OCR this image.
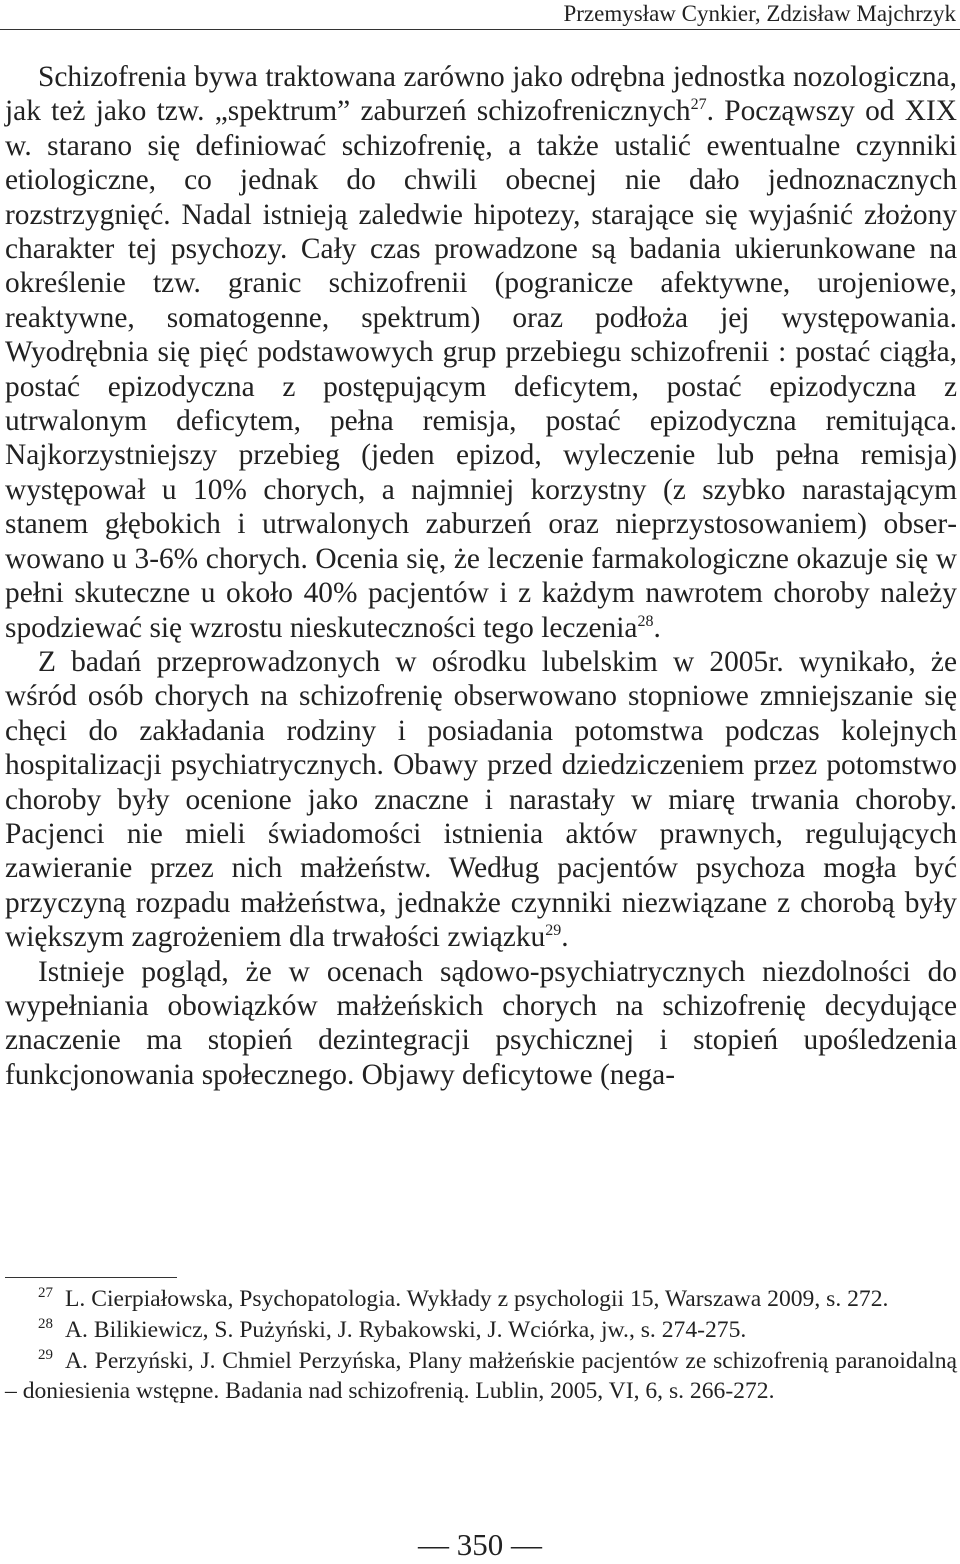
Przemysław Cynkier, Zdzisław Majchrzyk

Schizofrenia bywa traktowana zarówno jako odrębna jednostka nozologiczna, jak też jako tzw. „spektrum” zaburzeń schizofrenicznych$^{27}$. Począwszy od XIX w. starano się definiować schizofrenię, a także ustalić ewentualne czynniki etiologiczne, co jednak do chwili obecnej nie dało jednoznacznych rozstrzygnięć. Nadal istnieją zaledwie hipotezy, starające się wyjaśnić złożony charakter tej psychozy. Cały czas prowadzone są badania ukierunkowane na określenie tzw. granic schizofrenii (pogranicze afektywne, urojeniowe, reaktywne, somatogenne, spektrum) oraz podłoża jej występowania. Wyodrębnia się pięć podstawowych grup przebiegu schizofrenii : postać ciągła, postać epizodyczna z postępującym deficytem, postać epizodyczna z utrwalonym deficytem, pełna remisja, postać epizodyczna remitująca. Najkorzystniejszy przebieg (jeden epizod, wyleczenie lub pełna remisja) występował u 10% chorych, a najmniej korzystny (z szybko narastającym stanem głębokich i utrwalonych zaburzeń oraz nieprzystosowaniem) obserwowano u 3-6% chorych. Ocenia się, że leczenie farmakologiczne okazuje się w pełni skuteczne u około 40% pacjentów i z każdym nawrotem choroby należy spodziewać się wzrostu nieskuteczności tego leczenia$^{28}$.

Z badań przeprowadzonych w ośrodku lubelskim w 2005r. wynikało, że wśród osób chorych na schizofrenię obserwowano stopniowe zmniejszanie się chęci do zakładania rodziny i posiadania potomstwa podczas kolejnych hospitalizacji psychiatrycznych. Obawy przed dziedziczeniem przez potomstwo choroby były ocenione jako znaczne i narastały w miarę trwania choroby. Pacjenci nie mieli świadomości istnienia aktów prawnych, regulujących zawieranie przez nich małżeństw. Według pacjentów psychoza mogła być przyczyną rozpadu małżeństwa, jednakże czynniki niezwiązane z chorobą były większym zagrożeniem dla trwałości związku$^{29}$.

Istnieje pogląd, że w ocenach sądowo-psychiatrycznych niezdolności do wypełniania obowiązków małżeńskich chorych na schizofrenię decydujące znaczenie ma stopień dezintegracji psychicznej i stopień upośledzenia funkcjonowania społecznego. Objawy deficytowe (nega-

$^{27}$ L. Cierpiałowska, Psychopatologia. Wykłady z psychologii 15, Warszawa 2009, s. 272.

$^{28}$ A. Bilikiewicz, S. Pużyński, J. Rybakowski, J. Wciórka, jw., s. 274-275.

$^{29}$ A. Perzyński, J. Chmiel Perzyńska, Plany małżeńskie pacjentów ze schizofrenią paranoidalną – doniesienia wstępne. Badania nad schizofrenią. Lublin, 2005, VI, 6, s. 266-272.

— 350 —
